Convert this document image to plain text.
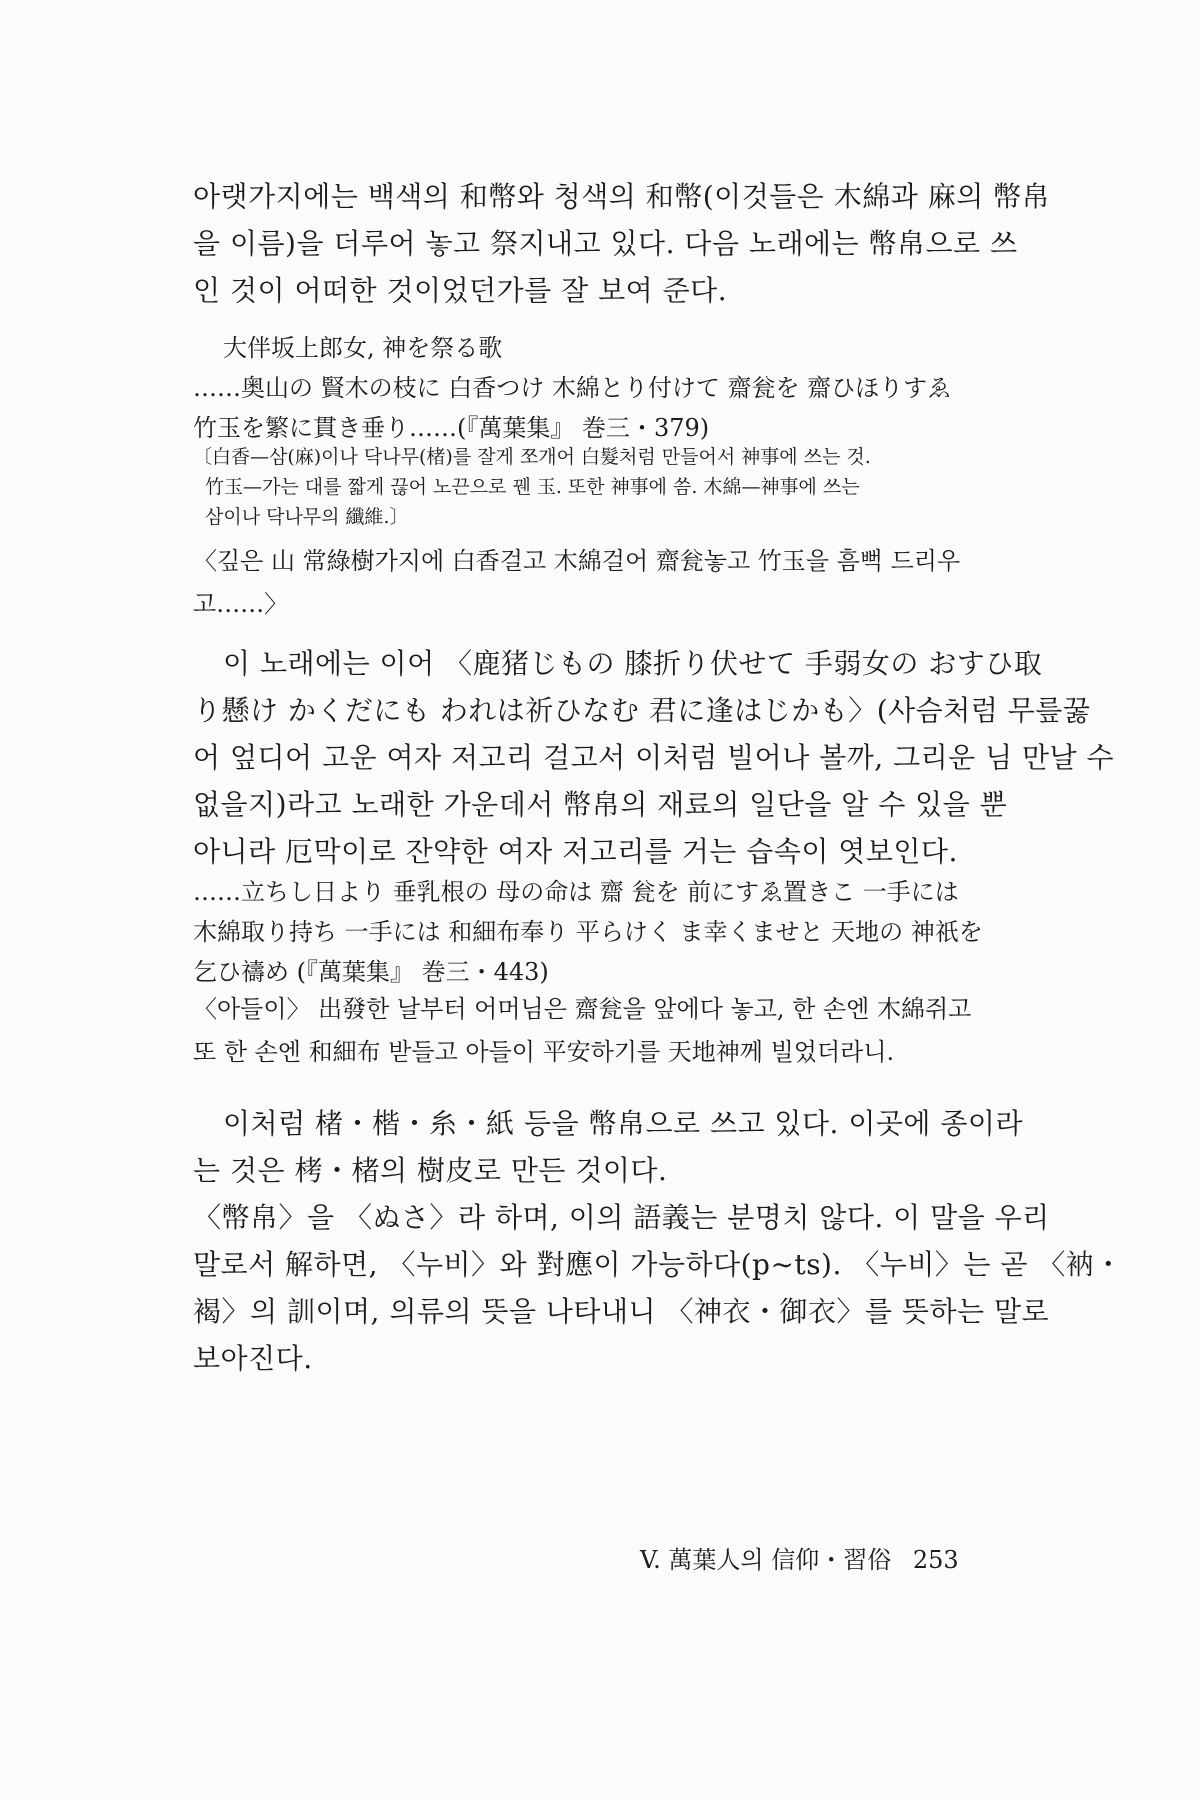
아랫가지에는 백색의 和幣와 청색의 和幣(이것들은 木綿과 麻의 幣帛
을 이름)을 더루어 놓고 祭지내고 있다. 다음 노래에는 幣帛으로 쓰
인 것이 어떠한 것이었던가를 잘 보여 준다.
大伴坂上郎女, 神を祭る歌
……奥山の 賢木の枝に 白香つけ 木綿とり付けて 齋瓮を 齋ひほりすゑ
竹玉を繁に貫き垂り……(『萬葉集』 巻三・379)
〔白香—삼(麻)이나 닥나무(楮)를 잘게 쪼개어 白髮처럼 만들어서 神事에 쓰는 것.
竹玉—가는 대를 짧게 끊어 노끈으로 꿴 玉. 또한 神事에 씀. 木綿—神事에 쓰는
삼이나 닥나무의 纖維.〕
〈깊은 山 常綠樹가지에 白香걸고 木綿걸어 齋瓮놓고 竹玉을 흠뻑 드리우
고……〉
이 노래에는 이어 〈鹿猪じもの 膝折り伏せて 手弱女の おすひ取
り懸け かくだにも われは祈ひなむ 君に逢はじかも〉(사슴처럼 무릎꿇
어 엎디어 고운 여자 저고리 걸고서 이처럼 빌어나 볼까, 그리운 님 만날 수
없을지)라고 노래한 가운데서 幣帛의 재료의 일단을 알 수 있을 뿐
아니라 厄막이로 잔약한 여자 저고리를 거는 습속이 엿보인다.
……立ちし日より 垂乳根の 母の命は 齋 瓮を 前にすゑ置きこ 一手には
木綿取り持ち 一手には 和細布奉り 平らけく ま幸くませと 天地の 神祇を
乞ひ禱め (『萬葉集』 巻三・443)
〈아들이〉 出發한 날부터 어머님은 齋瓮을 앞에다 놓고, 한 손엔 木綿쥐고
또 한 손엔 和細布 받들고 아들이 平安하기를 天地神께 빌었더라니.
이처럼 楮・楷・糸・紙 등을 幣帛으로 쓰고 있다. 이곳에 종이라
는 것은 栲・楮의 樹皮로 만든 것이다.
〈幣帛〉을 〈ぬさ〉라 하며, 이의 語義는 분명치 않다. 이 말을 우리
말로서 解하면, 〈누비〉와 對應이 가능하다(p∼ts). 〈누비〉는 곧 〈衲・
褐〉의 訓이며, 의류의 뜻을 나타내니 〈神衣・御衣〉를 뜻하는 말로
보아진다.
V. 萬葉人의 信仰・習俗 253
